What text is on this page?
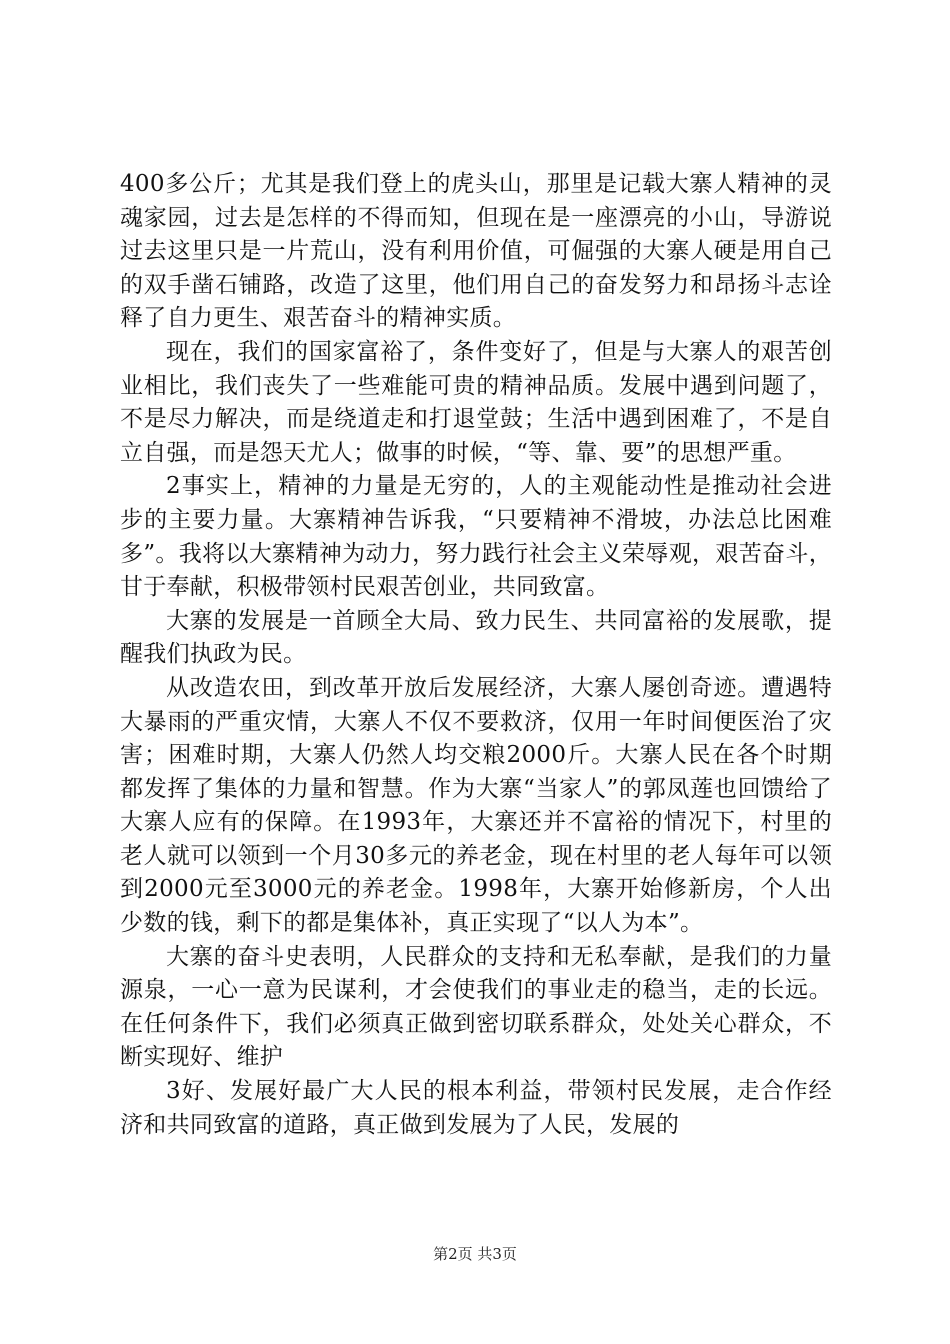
400多公斤；尤其是我们登上的虎头山，那里是记载大寨人精神的灵魂家园，过去是怎样的不得而知，但现在是一座漂亮的小山，导游说过去这里只是一片荒山，没有利用价值，可倔强的大寨人硬是用自己的双手凿石铺路，改造了这里，他们用自己的奋发努力和昂扬斗志诠释了自力更生、艰苦奋斗的精神实质。

现在，我们的国家富裕了，条件变好了，但是与大寨人的艰苦创业相比，我们丧失了一些难能可贵的精神品质。发展中遇到问题了，不是尽力解决，而是绕道走和打退堂鼓；生活中遇到困难了，不是自立自强，而是怨天尤人；做事的时候，“等、靠、要”的思想严重。

2事实上，精神的力量是无穷的，人的主观能动性是推动社会进步的主要力量。大寨精神告诉我，“只要精神不滑坡，办法总比困难多”。我将以大寨精神为动力，努力践行社会主义荣辱观，艰苦奋斗，甘于奉献，积极带领村民艰苦创业，共同致富。

大寨的发展是一首顾全大局、致力民生、共同富裕的发展歌，提醒我们执政为民。

从改造农田，到改革开放后发展经济，大寨人屡创奇迹。遭遇特大暴雨的严重灾情，大寨人不仅不要救济，仅用一年时间便医治了灾害；困难时期，大寨人仍然人均交粮2000斤。大寨人民在各个时期都发挥了集体的力量和智慧。作为大寨“当家人”的郭凤莲也回馈给了大寨人应有的保障。在1993年，大寨还并不富裕的情况下，村里的老人就可以领到一个月30多元的养老金，现在村里的老人每年可以领到2000元至3000元的养老金。1998年，大寨开始修新房，个人出少数的钱，剩下的都是集体补，真正实现了“以人为本”。

大寨的奋斗史表明，人民群众的支持和无私奉献，是我们的力量源泉，一心一意为民谋利，才会使我们的事业走的稳当，走的长远。在任何条件下，我们必须真正做到密切联系群众，处处关心群众，不断实现好、维护

3好、发展好最广大人民的根本利益，带领村民发展，走合作经济和共同致富的道路，真正做到发展为了人民，发展的

第2页 共3页
